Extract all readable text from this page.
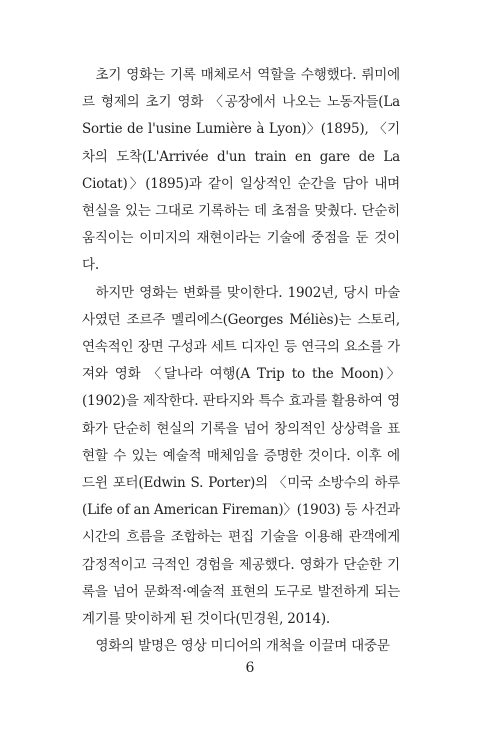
초기 영화는 기록 매체로서 역할을 수행했다. 뤼미에르 형제의 초기 영화 〈공장에서 나오는 노동자들(La Sortie de l'usine Lumière à Lyon)〉(1895), 〈기차의 도착(L'Arrivée d'un train en gare de La Ciotat)〉(1895)과 같이 일상적인 순간을 담아 내며 현실을 있는 그대로 기록하는 데 초점을 맞췄다. 단순히 움직이는 이미지의 재현이라는 기술에 중점을 둔 것이다.

하지만 영화는 변화를 맞이한다. 1902년, 당시 마술사였던 조르주 멜리에스(Georges Méliès)는 스토리, 연속적인 장면 구성과 세트 디자인 등 연극의 요소를 가져와 영화 〈달나라 여행(A Trip to the Moon)〉(1902)을 제작한다. 판타지와 특수 효과를 활용하여 영화가 단순히 현실의 기록을 넘어 창의적인 상상력을 표현할 수 있는 예술적 매체임을 증명한 것이다. 이후 에드윈 포터(Edwin S. Porter)의 〈미국 소방수의 하루(Life of an American Fireman)〉(1903) 등 사건과 시간의 흐름을 조합하는 편집 기술을 이용해 관객에게 감정적이고 극적인 경험을 제공했다. 영화가 단순한 기록을 넘어 문화적·예술적 표현의 도구로 발전하게 되는 계기를 맞이하게 된 것이다(민경원, 2014).

영화의 발명은 영상 미디어의 개척을 이끌며 대중문

6
